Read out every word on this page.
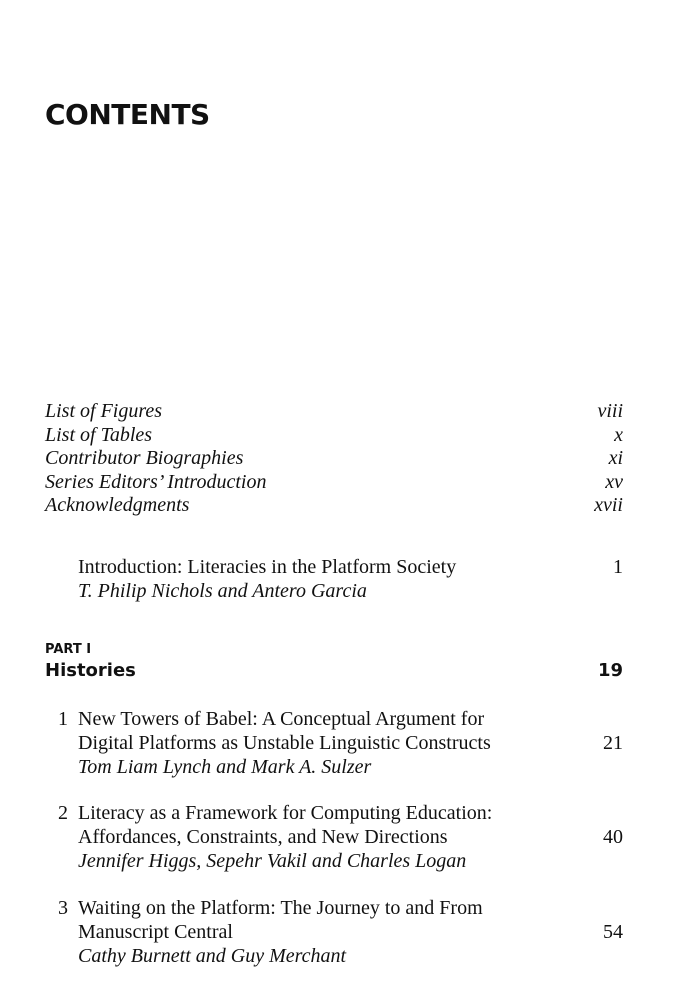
CONTENTS
List of Figures	viii
List of Tables	x
Contributor Biographies	xi
Series Editors’ Introduction	xv
Acknowledgments	xvii
Introduction: Literacies in the Platform Society	1
T. Philip Nichols and Antero Garcia
PART I
Histories	19
1 New Towers of Babel: A Conceptual Argument for
Digital Platforms as Unstable Linguistic Constructs	21
Tom Liam Lynch and Mark A. Sulzer
2 Literacy as a Framework for Computing Education:
Affordances, Constraints, and New Directions	40
Jennifer Higgs, Sepehr Vakil and Charles Logan
3 Waiting on the Platform: The Journey to and From
Manuscript Central	54
Cathy Burnett and Guy Merchant
